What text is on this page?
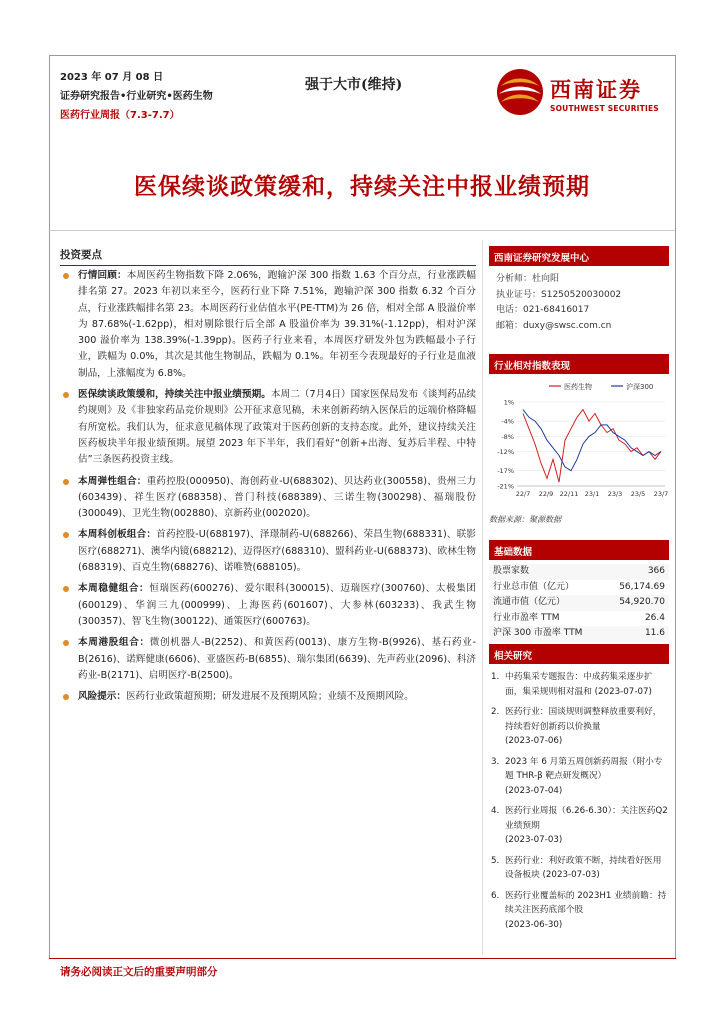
2023 年 07 月 08 日
证券研究报告•行业研究•医药生物
医药行业周报（7.3-7.7）
强于大市(维持)	西南证券
SOUTHWEST SECURITIES
医保续谈政策缓和，持续关注中报业绩预期
投资要点
行情回顾：本周医药生物指数下降 2.06%，跑输沪深 300 指数 1.63 个百分点，行业涨跌幅排名第 27。2023 年初以来至今，医药行业下降 7.51%，跑输沪深 300 指数 6.32 个百分点，行业涨跌幅排名第 23。本周医药行业估值水平(PE-TTM)为 26 倍，相对全部 A 股溢价率为 87.68%(-1.62pp)，相对剔除银行后全部 A 股溢价率为 39.31%(-1.12pp)，相对沪深 300 溢价率为 138.39%(-1.39pp)。医药子行业来看，本周医疗研发外包为跌幅最小子行业，跌幅为 0.0%，其次是其他生物制品，跌幅为 0.1%。年初至今表现最好的子行业是血液制品，上涨幅度为 6.8%。
医保续谈政策缓和，持续关注中报业绩预期。本周二（7月4日）国家医保局发布《谈判药品续约规则》及《非独家药品竞价规则》公开征求意见稿，未来创新药纳入医保后的远端价格降幅有所宽松。我们认为，征求意见稿体现了政策对于医药创新的支持态度。此外，建议持续关注医药板块半年报业绩预期。展望 2023 年下半年，我们看好“创新+出海、复苏后半程、中特估”三条医药投资主线。
本周弹性组合：重药控股(000950)、海创药业-U(688302)、贝达药业(300558)、贵州三力(603439)、祥生医疗(688358)、普门科技(688389)、三诺生物(300298)、福瑞股份(300049)、卫光生物(002880)、京新药业(002020)。
本周科创板组合：首药控股-U(688197)、泽璟制药-U(688266)、荣昌生物(688331)、联影医疗(688271)、澳华内镜(688212)、迈得医疗(688310)、盟科药业-U(688373)、欧林生物(688319)、百克生物(688276)、诺唯赞(688105)。
本周稳健组合：恒瑞医药(600276)、爱尔眼科(300015)、迈瑞医疗(300760)、太极集团(600129)、华润三九(000999)、上海医药(601607)、大参林(603233)、我武生物(300357)、智飞生物(300122)、通策医疗(600763)。
本周港股组合：微创机器人-B(2252)、和黄医药(0013)、康方生物-B(9926)、基石药业-B(2616)、诺辉健康(6606)、亚盛医药-B(6855)、瑞尔集团(6639)、先声药业(2096)、科济药业-B(2171)、启明医疗-B(2500)。
风险提示：医药行业政策超预期；研发进展不及预期风险；业绩不及预期风险。
西南证券研究发展中心
分析师：杜向阳
执业证号：S1250520030002
电话：021-68416017
邮箱：duxy@swsc.com.cn
行业相对指数表现
医药生物	沪深300
1%
-4%
-8%
-12%
-17%
-21%
22/7 22/9 22/11 23/1 23/3 23/5 23/7
数据来源：聚源数据
基础数据
股票家数	366
行业总市值（亿元）	56,174.69
流通市值（亿元）	54,920.70
行业市盈率 TTM	26.4
沪深 300 市盈率 TTM	11.6
相关研究
1. 中药集采专题报告：中成药集采逐步扩面，集采规则相对温和 (2023-07-07)
2. 医药行业：国谈规则调整释放重要利好，持续看好创新药以价换量
(2023-07-06)
3. 2023 年 6 月第五周创新药周报（附小专题 THR-β 靶点研发概况）
(2023-07-04)
4. 医药行业周报（6.26-6.30）：关注医药Q2 业绩预期
(2023-07-03)
5. 医药行业：利好政策不断，持续看好医用设备板块 (2023-07-03)
6. 医药行业覆盖标的 2023H1 业绩前瞻：持续关注医药底部个股
(2023-06-30)
请务必阅读正文后的重要声明部分
